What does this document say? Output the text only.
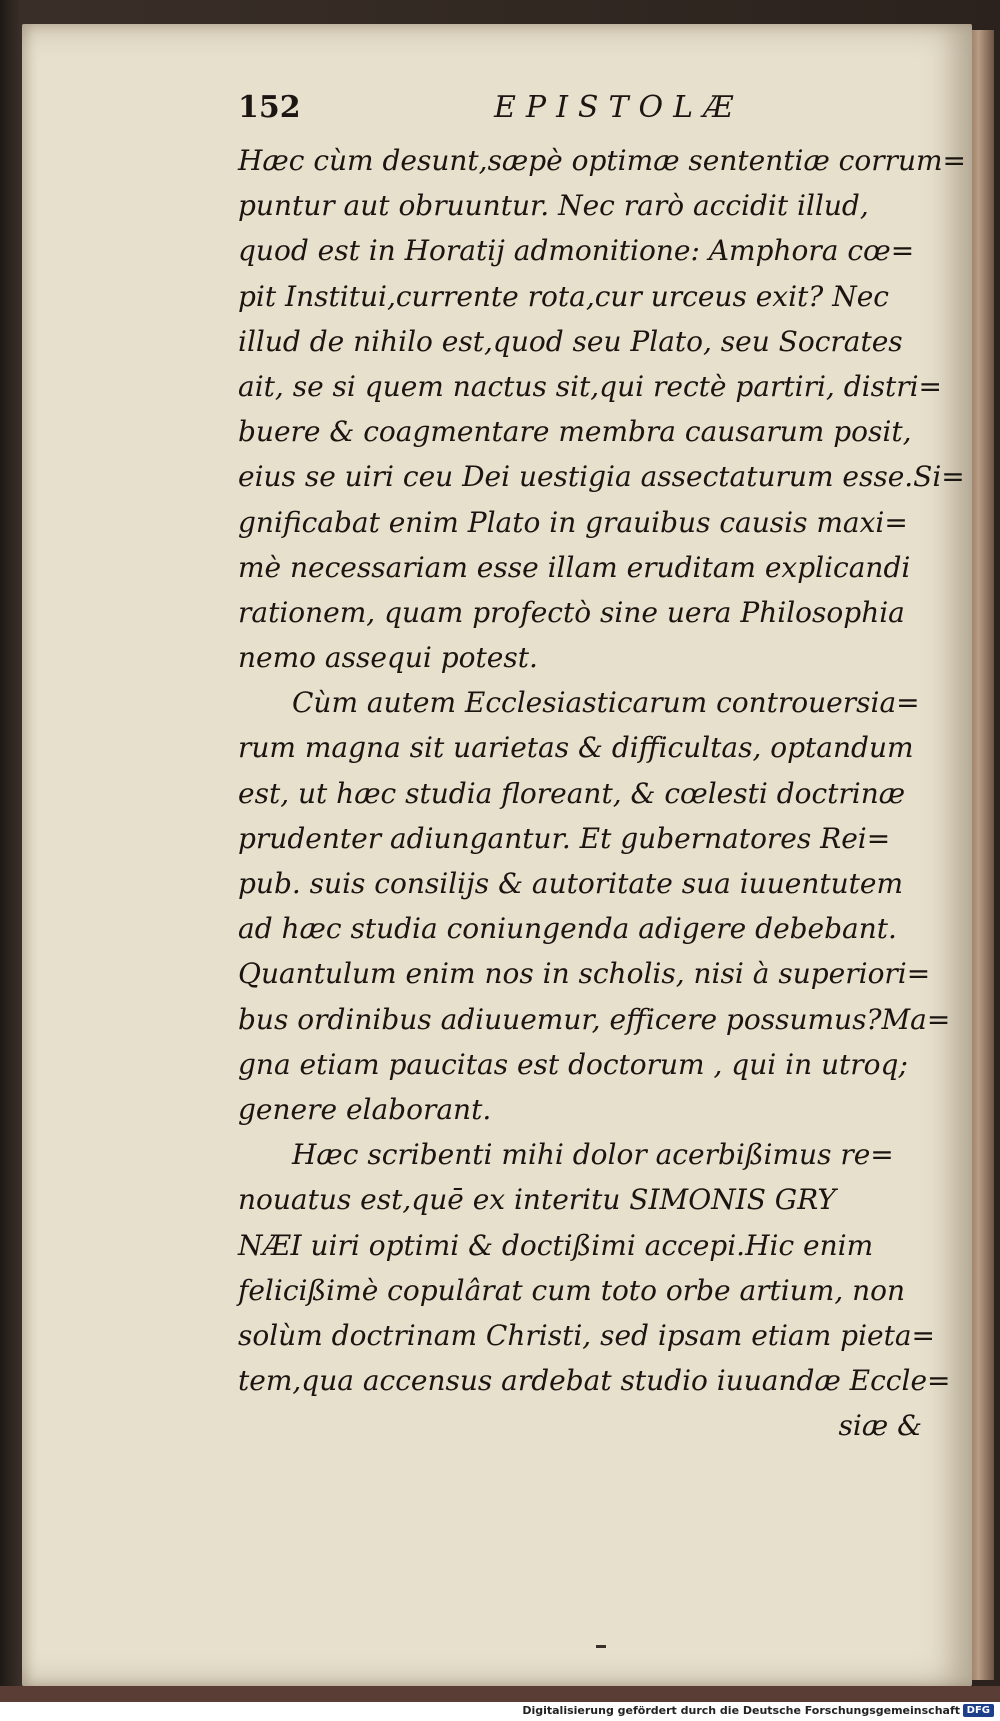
152	EPISTOLÆ
Hæc cùm desunt,sæpè optimæ sententiæ corrum=
puntur aut obruuntur. Nec rarò accidit illud,
quod est in Horatij admonitione: Amphora cœ=
pit Institui,currente rota,cur urceus exit? Nec
illud de nihilo est,quod seu Plato, seu Socrates
ait, se si quem nactus sit,qui rectè partiri, distri=
buere & coagmentare membra causarum posit,
eius se uiri ceu Dei uestigia assectaturum esse.Si=
gnificabat enim Plato in grauibus causis maxi=
mè necessariam esse illam eruditam explicandi
rationem, quam profectò sine uera Philosophia
nemo assequi potest.
Cùm autem Ecclesiasticarum controuersia=
rum magna sit uarietas & difficultas, optandum
est, ut hæc studia floreant, & cœlesti doctrinæ
prudenter adiungantur. Et gubernatores Rei=
pub. suis consilijs & autoritate sua iuuentutem
ad hæc studia coniungenda adigere debebant.
Quantulum enim nos in scholis, nisi à superiori=
bus ordinibus adiuuemur, efficere possumus?Ma=
gna etiam paucitas est doctorum , qui in utroq;
genere elaborant.
Hæc scribenti mihi dolor acerbißimus re=
nouatus est,quē ex interitu SIMONIS GRY
NÆI uiri optimi & doctißimi accepi.Hic enim
felicißimè copulârat cum toto orbe artium, non
solùm doctrinam Christi, sed ipsam etiam pieta=
tem,qua accensus ardebat studio iuuandæ Eccle=
siæ &
Digitalisierung gefördert durch die Deutsche Forschungsgemeinschaft DFG
